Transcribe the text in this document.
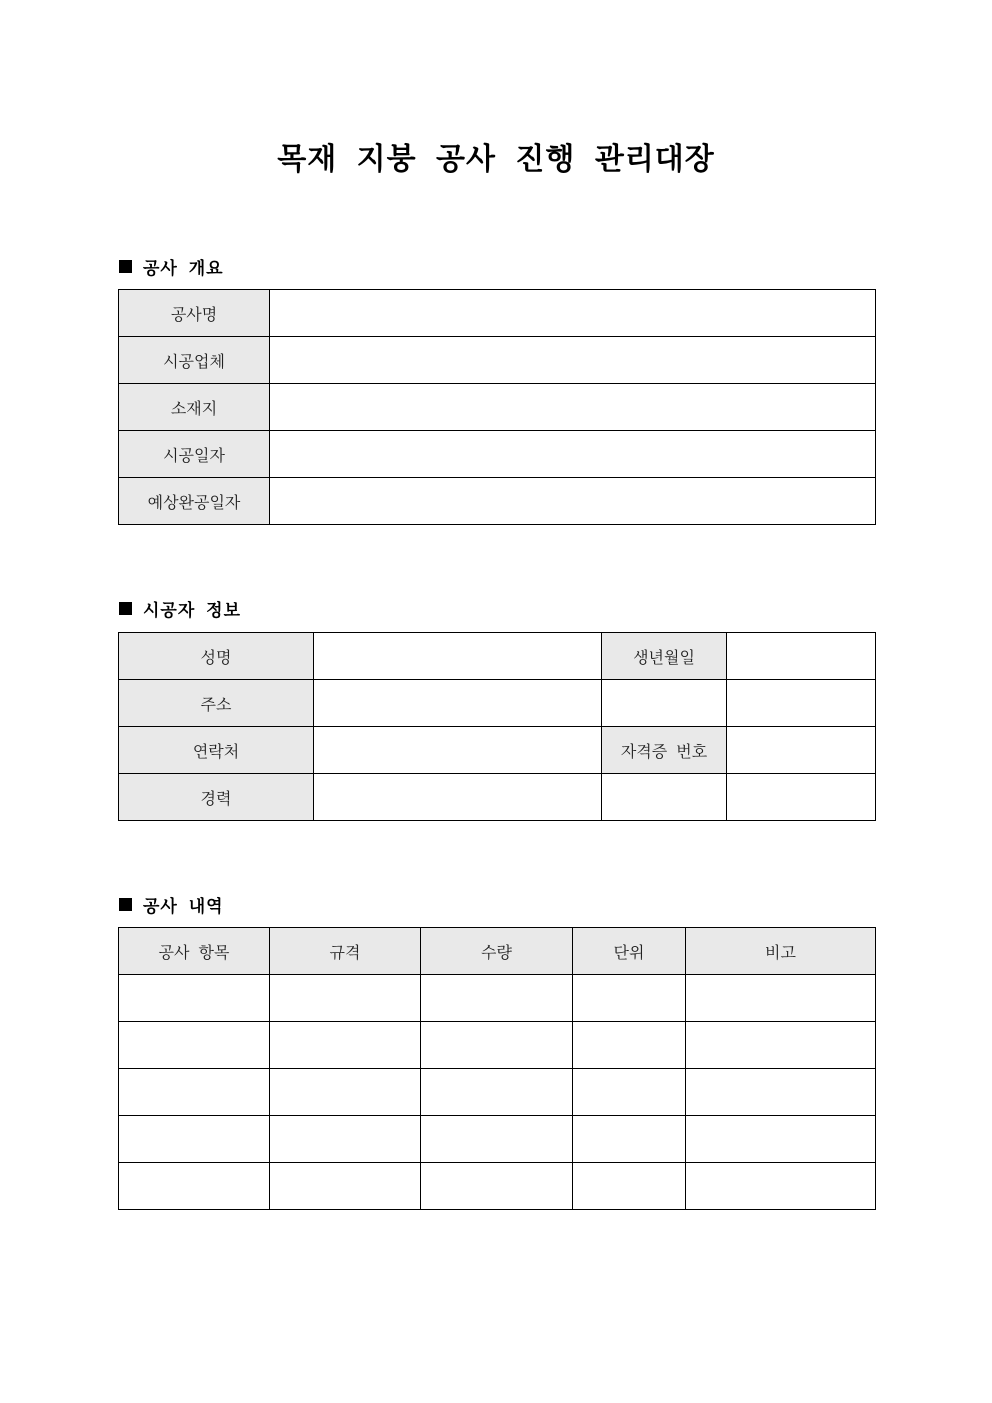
목재 지붕 공사 진행 관리대장
공사 개요
공사명	
시공업체	
소재지	
시공일자	
예상완공일자	
시공자 정보
성명		생년월일	
주소			
연락처		자격증 번호	
경력			
공사 내역
공사 항목	규격	수량	단위	비고
